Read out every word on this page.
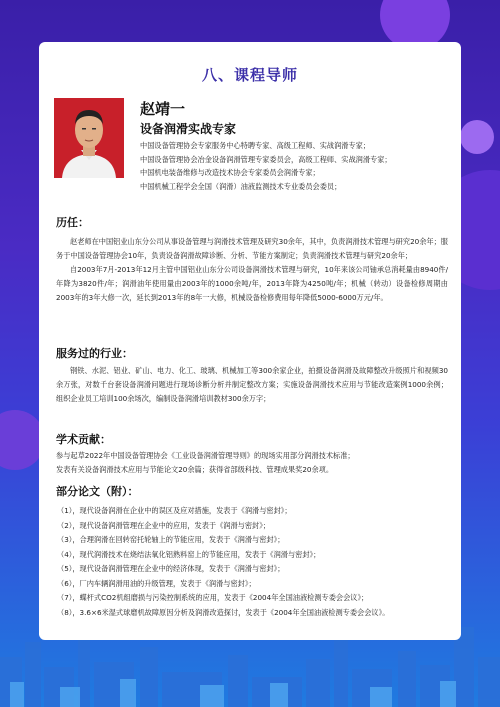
八、课程导师
赵靖一
设备润滑实战专家
中国设备管理协会专家服务中心特聘专家、高级工程师、实战润滑专家；
中国设备管理协会冶金设备润滑管理专家委员会，高级工程师、实战润滑专家；
中国机电装备维修与改造技术协会专家委员会润滑专家；
中国机械工程学会全国（润滑）油液监测技术专业委员会委员；
历任：

赵老师在中国铝业山东分公司从事设备管理与润滑技术管理及研究30余年，其中，负责润滑技术管理与研究20余年；服务于中国设备管理协会10年，负责设备润滑故障诊断、分析、节能方案制定；负责润滑技术管理与研究20余年；

自2003年7月-2013年12月主管中国铝业山东分公司设备润滑技术管理与研究，10年来该公司铀承总消耗量由8940件/年降为3820件/年；润滑油年使用量由2003年的1000余吨/年，2013年降为4250吨/年；机械（转动）设备检修周期由2003年的3年大修一次，延长到2013年的8年一大修，机械设备检修费用每年降低5000-6000万元/年。

服务过的行业：

钢铁、水泥、铝业、矿山、电力、化工、玻璃、机械加工等300余家企业，拍摄设备润滑及故障整改升级照片和视频30余万张，对数千台套设备润滑问题进行现场诊断分析并制定整改方案；实施设备润滑技术应用与节能改造案例1000余例；组织企业员工培训100余场次，编制设备润滑培训教材300余万字；

学术贡献：

参与起草2022年中国设备管理协会《工业设备润滑管理导则》的现场实用部分润滑技术标准；

发表有关设备润滑技术应用与节能论文20余篇；获得省部级科技、管理成果奖20余项。

部分论文（附）：
（1），现代设备润滑在企业中的误区及应对措施，发表于《润滑与密封》；
（2），现代设备润滑管理在企业中的应用，发表于《润滑与密封》；
（3），合理润滑在回转窑托轮轴上的节能应用，发表于《润滑与密封》；
（4），现代润滑技术在烧结法氧化铝熟料窑上的节能应用，发表于《润滑与密封》；
（5），现代设备润滑管理在企业中的经济体现，发表于《润滑与密封》；
（6），厂内车辆润滑用油的升级管理，发表于《润滑与密封》；
（7），蝶杆式CO2机组磨损与污染控制系统的应用，发表于《2004年全国油液检测专委会会议》；
（8），3.6×6米湿式球磨机故障原因分析及润滑改造探讨，发表于《2004年全国油液检测专委会会议》。
